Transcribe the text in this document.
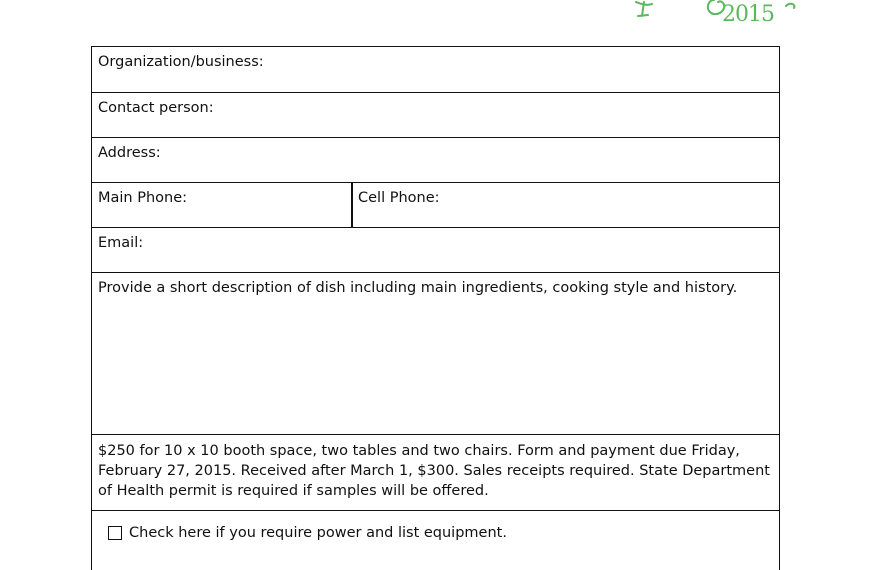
2015
Organization/business:
Contact person:
Address:
Main Phone:	Cell Phone:
Email:
Provide a short description of dish including main ingredients, cooking style and history.
$250 for 10 x 10 booth space, two tables and two chairs. Form and payment due Friday,
February 27, 2015. Received after March 1, $300. Sales receipts required. State Department
of Health permit is required if samples will be offered.
Check here if you require power and list equipment.
